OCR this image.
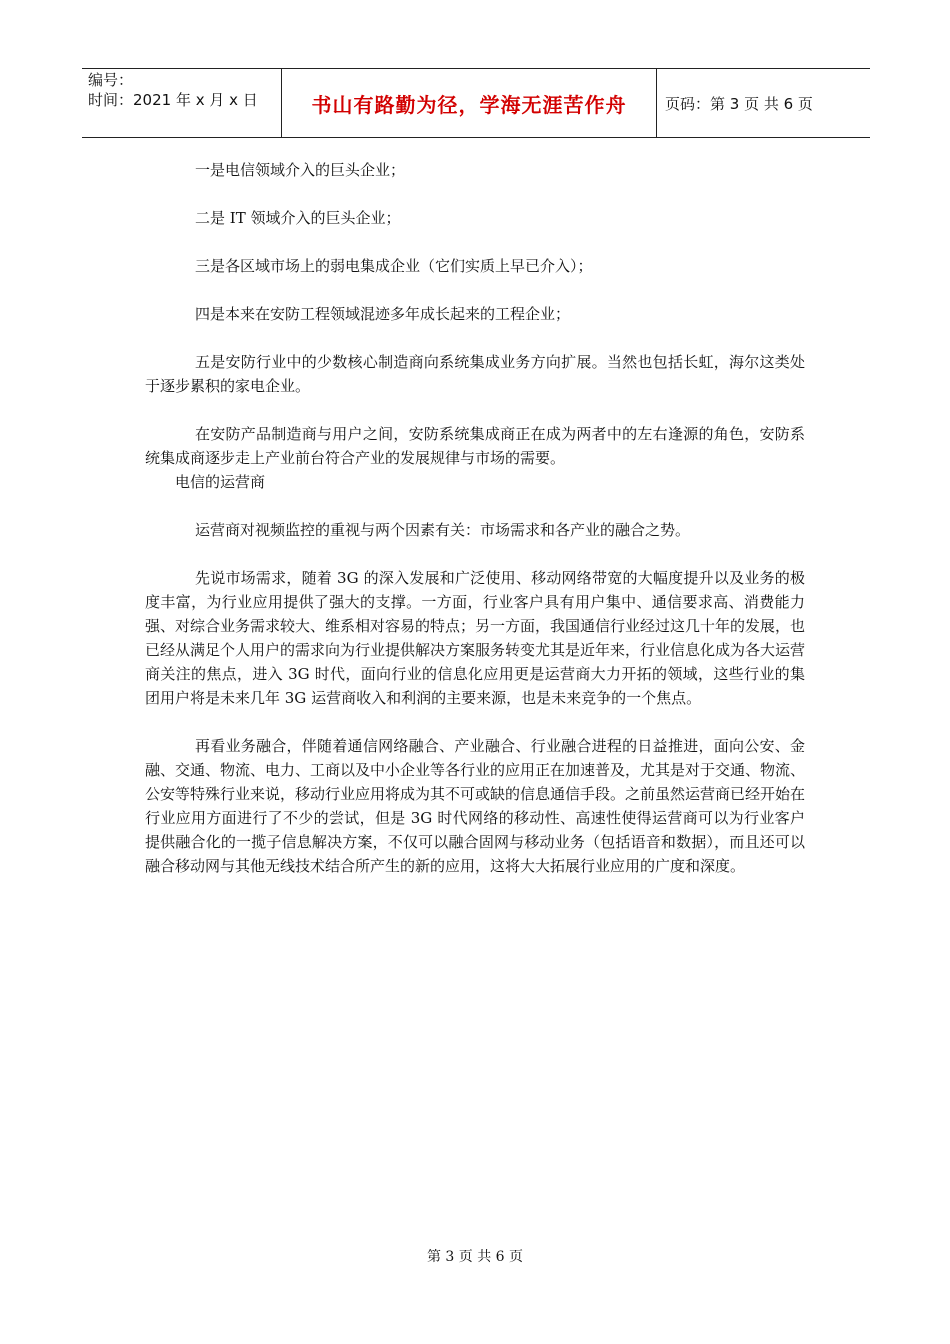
编号：
时间：2021 年 x 月 x 日	书山有路勤为径，学海无涯苦作舟	页码：第 3 页 共 6 页
一是电信领域介入的巨头企业；
二是 IT 领域介入的巨头企业；
三是各区域市场上的弱电集成企业（它们实质上早已介入）；
四是本来在安防工程领域混迹多年成长起来的工程企业；
五是安防行业中的少数核心制造商向系统集成业务方向扩展。当然也包括长虹，海尔这类处于逐步累积的家电企业。
在安防产品制造商与用户之间，安防系统集成商正在成为两者中的左右逢源的角色，安防系统集成商逐步走上产业前台符合产业的发展规律与市场的需要。
电信的运营商
运营商对视频监控的重视与两个因素有关：市场需求和各产业的融合之势。
先说市场需求，随着 3G 的深入发展和广泛使用、移动网络带宽的大幅度提升以及业务的极度丰富，为行业应用提供了强大的支撑。一方面，行业客户具有用户集中、通信要求高、消费能力强、对综合业务需求较大、维系相对容易的特点；另一方面，我国通信行业经过这几十年的发展，也已经从满足个人用户的需求向为行业提供解决方案服务转变尤其是近年来，行业信息化成为各大运营商关注的焦点，进入 3G 时代，面向行业的信息化应用更是运营商大力开拓的领域，这些行业的集团用户将是未来几年 3G 运营商收入和利润的主要来源，也是未来竞争的一个焦点。
再看业务融合，伴随着通信网络融合、产业融合、行业融合进程的日益推进，面向公安、金融、交通、物流、电力、工商以及中小企业等各行业的应用正在加速普及，尤其是对于交通、物流、公安等特殊行业来说，移动行业应用将成为其不可或缺的信息通信手段。之前虽然运营商已经开始在行业应用方面进行了不少的尝试，但是 3G 时代网络的移动性、高速性使得运营商可以为行业客户提供融合化的一揽子信息解决方案，不仅可以融合固网与移动业务（包括语音和数据），而且还可以融合移动网与其他无线技术结合所产生的新的应用，这将大大拓展行业应用的广度和深度。
第 3 页 共 6 页
